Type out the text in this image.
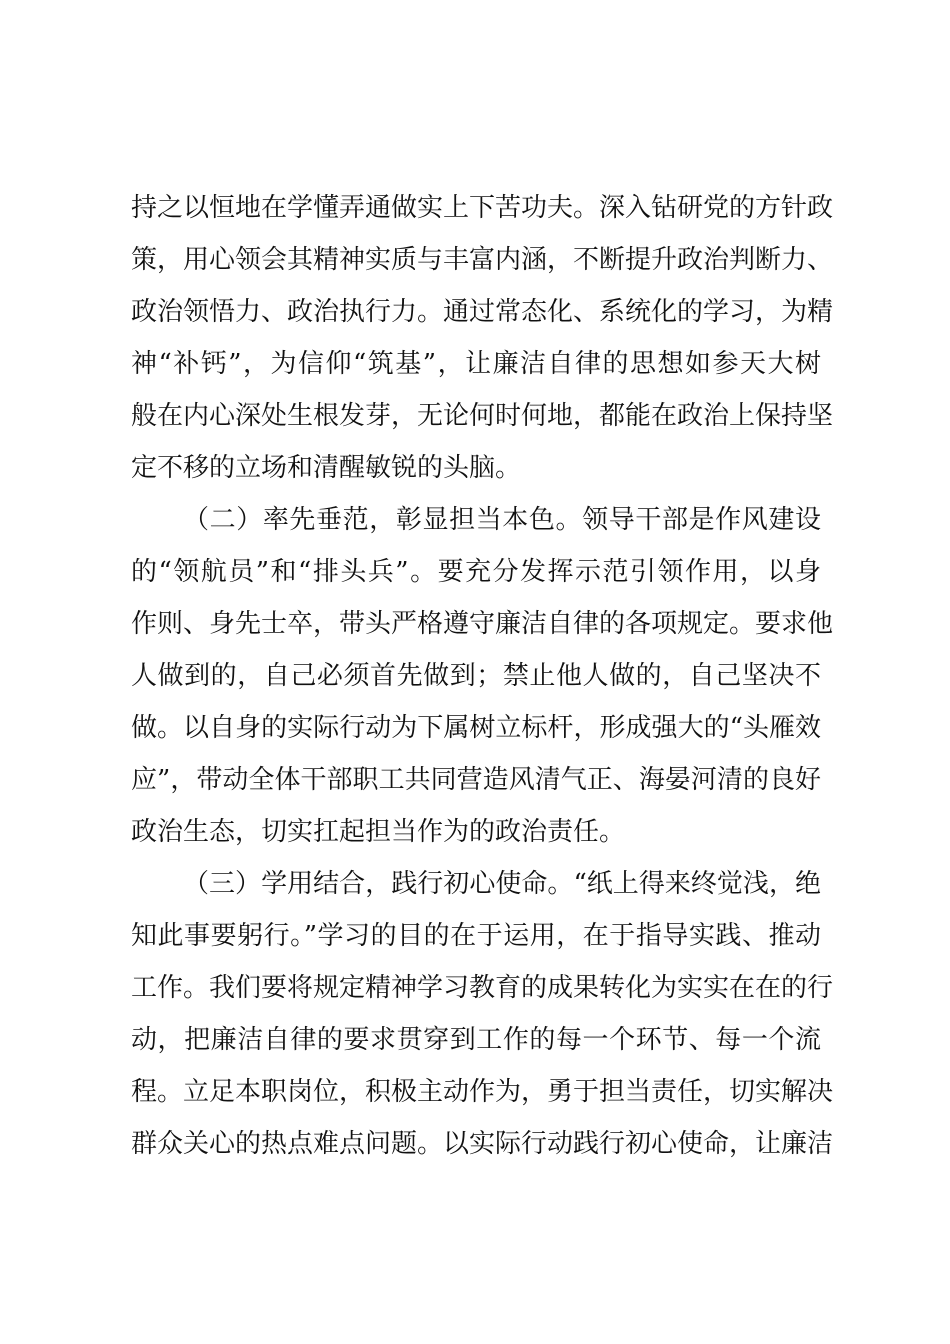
持之以恒地在学懂弄通做实上下苦功夫。深入钻研党的方针政
策，用心领会其精神实质与丰富内涵，不断提升政治判断力、
政治领悟力、政治执行力。通过常态化、系统化的学习，为精
神“补钙”，为信仰“筑基”，让廉洁自律的思想如参天大树
般在内心深处生根发芽，无论何时何地，都能在政治上保持坚
定不移的立场和清醒敏锐的头脑。
（二）率先垂范，彰显担当本色。领导干部是作风建设
的“领航员”和“排头兵”。要充分发挥示范引领作用，以身
作则、身先士卒，带头严格遵守廉洁自律的各项规定。要求他
人做到的，自己必须首先做到；禁止他人做的，自己坚决不
做。以自身的实际行动为下属树立标杆，形成强大的“头雁效
应”，带动全体干部职工共同营造风清气正、海晏河清的良好
政治生态，切实扛起担当作为的政治责任。
（三）学用结合，践行初心使命。“纸上得来终觉浅，绝
知此事要躬行。”学习的目的在于运用，在于指导实践、推动
工作。我们要将规定精神学习教育的成果转化为实实在在的行
动，把廉洁自律的要求贯穿到工作的每一个环节、每一个流
程。立足本职岗位，积极主动作为，勇于担当责任，切实解决
群众关心的热点难点问题。以实际行动践行初心使命，让廉洁
